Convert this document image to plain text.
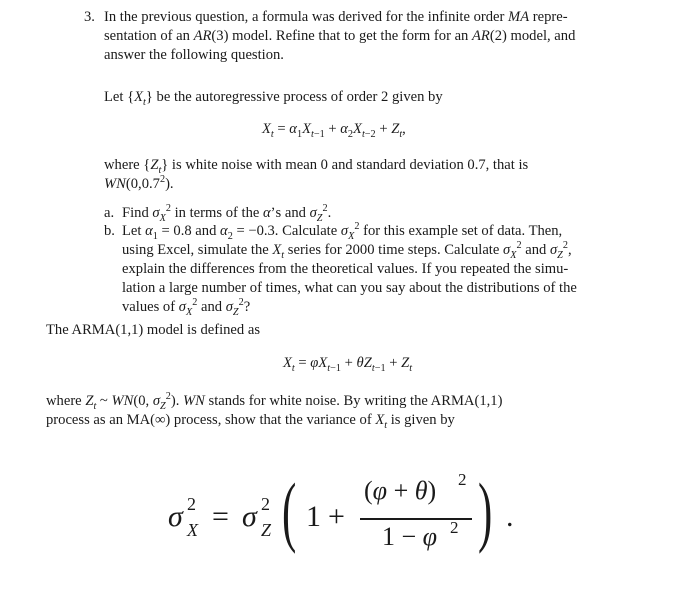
3. In the previous question, a formula was derived for the infinite order MA repre-
sentation of an AR(3) model. Refine that to get the form for an AR(2) model, and
answer the following question.
Let $\{X_t\}$ be the autoregressive process of order 2 given by
$X_t = \alpha_1X_{t-1} + \alpha_2X_{t-2} + Z_t$,
where $\{Z_t\}$ is white noise with mean 0 and standard deviation 0.7, that is
WN(0,0.7$^2$).
a. Find $\sigma_X^2$ in terms of the α’s and $\sigma_Z^2$.
b. Let $\alpha_1 = 0.8$ and $\alpha_2 = -0.3$. Calculate $\sigma_X^2$ for this example set of data. Then,
using Excel, simulate the $X_t$ series for 2000 time steps. Calculate $\sigma_X^2$ and $\sigma_Z^2$,
explain the differences from the theoretical values. If you repeated the simu-
lation a large number of times, what can you say about the distributions of the
values of $\sigma_X^2$ and $\sigma_Z^2$?
The ARMA(1,1) model is defined as
$X_t = \varphi X_{t-1} + \theta Z_{t-1} + Z_t$
where $Z_t$ ~ WN(0, $\sigma_Z^2$). WN stands for white noise. By writing the ARMA(1,1)
process as an MA(∞) process, show that the variance of $X_t$ is given by
σ 2
X = σ 2
Z ( 1 +
(φ + θ) 2
1 − φ 2 ) .
